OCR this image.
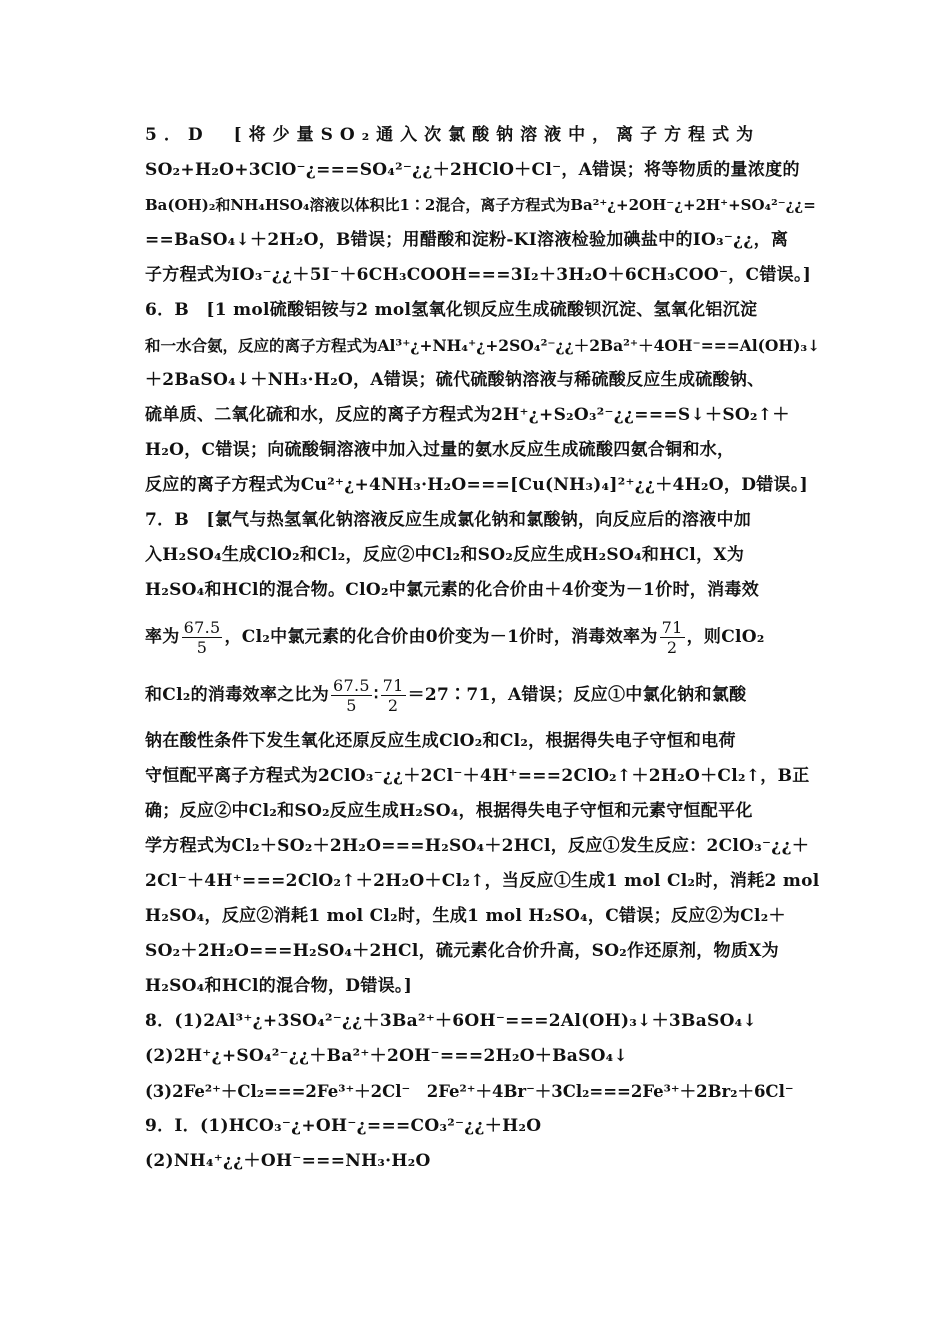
5．D　[将少量SO₂通入次氯酸钠溶液中，离子方程式为
SO₂+H₂O+3ClO⁻¿===SO₄²⁻¿¿＋2HClO＋Cl⁻，A错误；将等物质的量浓度的
Ba(OH)₂和NH₄HSO₄溶液以体积比1∶2混合，离子方程式为Ba²⁺¿+2OH⁻¿+2H⁺+SO₄²⁻¿¿=
==BaSO₄↓＋2H₂O，B错误；用醋酸和淀粉-KI溶液检验加碘盐中的IO₃⁻¿¿，离
子方程式为IO₃⁻¿¿＋5I⁻＋6CH₃COOH===3I₂＋3H₂O＋6CH₃COO⁻，C错误。]
6．B　[1 mol硫酸铝铵与2 mol氢氧化钡反应生成硫酸钡沉淀、氢氧化铝沉淀
和一水合氨，反应的离子方程式为Al³⁺¿+NH₄⁺¿+2SO₄²⁻¿¿＋2Ba²⁺＋4OH⁻===Al(OH)₃↓
＋2BaSO₄↓＋NH₃·H₂O，A错误；硫代硫酸钠溶液与稀硫酸反应生成硫酸钠、
硫单质、二氧化硫和水，反应的离子方程式为2H⁺¿+S₂O₃²⁻¿¿===S↓＋SO₂↑＋
H₂O，C错误；向硫酸铜溶液中加入过量的氨水反应生成硫酸四氨合铜和水，
反应的离子方程式为Cu²⁺¿+4NH₃·H₂O===[Cu(NH₃)₄]²⁺¿¿＋4H₂O，D错误。]
7．B　[氯气与热氢氧化钠溶液反应生成氯化钠和氯酸钠，向反应后的溶液中加
入H₂SO₄生成ClO₂和Cl₂，反应②中Cl₂和SO₂反应生成H₂SO₄和HCl，X为
H₂SO₄和HCl的混合物。ClO₂中氯元素的化合价由＋4价变为－1价时，消毒效
率为 $\frac{67.5}{5}$ ，Cl₂中氯元素的化合价由0价变为－1价时，消毒效率为 $\frac{71}{2}$ ，则ClO₂
和Cl₂的消毒效率之比为 $\frac{67.5}{5}$ ∶ $\frac{71}{2}$ ＝27∶71，A错误；反应①中氯化钠和氯酸
钠在酸性条件下发生氧化还原反应生成ClO₂和Cl₂，根据得失电子守恒和电荷
守恒配平离子方程式为2ClO₃⁻¿¿＋2Cl⁻＋4H⁺===2ClO₂↑＋2H₂O＋Cl₂↑，B正
确；反应②中Cl₂和SO₂反应生成H₂SO₄，根据得失电子守恒和元素守恒配平化
学方程式为Cl₂＋SO₂＋2H₂O===H₂SO₄＋2HCl，反应①发生反应：2ClO₃⁻¿¿＋
2Cl⁻＋4H⁺===2ClO₂↑＋2H₂O＋Cl₂↑，当反应①生成1 mol Cl₂时，消耗2 mol
H₂SO₄，反应②消耗1 mol Cl₂时，生成1 mol H₂SO₄，C错误；反应②为Cl₂＋
SO₂＋2H₂O===H₂SO₄＋2HCl，硫元素化合价升高，SO₂作还原剂，物质X为
H₂SO₄和HCl的混合物，D错误。]
8．(1)2Al³⁺¿+3SO₄²⁻¿¿＋3Ba²⁺＋6OH⁻===2Al(OH)₃↓＋3BaSO₄↓
(2)2H⁺¿+SO₄²⁻¿¿＋Ba²⁺＋2OH⁻===2H₂O＋BaSO₄↓
(3)2Fe²⁺＋Cl₂===2Fe³⁺＋2Cl⁻　2Fe²⁺＋4Br⁻＋3Cl₂===2Fe³⁺＋2Br₂＋6Cl⁻
9．Ⅰ．(1)HCO₃⁻¿+OH⁻¿===CO₃²⁻¿¿＋H₂O
(2)NH₄⁺¿¿＋OH⁻===NH₃·H₂O
